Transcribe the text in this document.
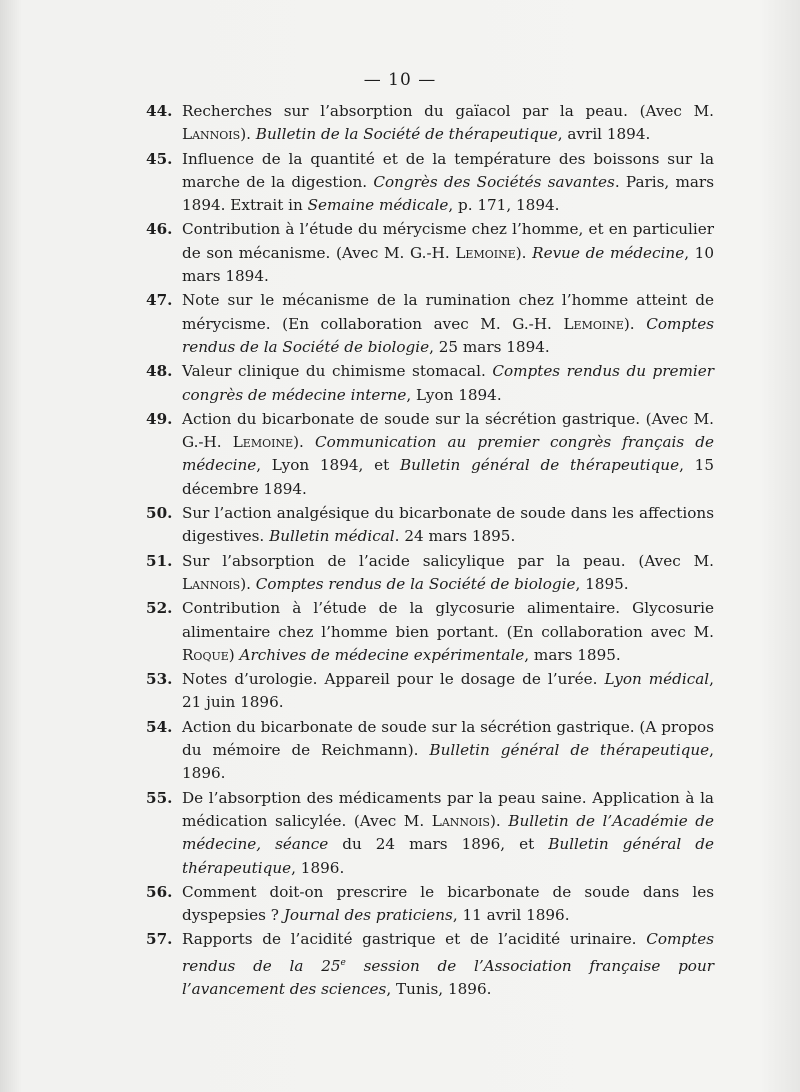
— 10 —
44. Recherches sur l’absorption du gaïacol par la peau. (Avec M. Lannois). Bulletin de la Société de thérapeutique, avril 1894.
45. Influence de la quantité et de la température des boissons sur la marche de la digestion. Congrès des Sociétés savantes. Paris, mars 1894. Extrait in Semaine médicale, p. 171, 1894.
46. Contribution à l’étude du mérycisme chez l’homme, et en particulier de son mécanisme. (Avec M. G.-H. Lemoine). Revue de médecine, 10 mars 1894.
47. Note sur le mécanisme de la rumination chez l’homme atteint de mérycisme. (En collaboration avec M. G.-H. Lemoine). Comptes rendus de la Société de biologie, 25 mars 1894.
48. Valeur clinique du chimisme stomacal. Comptes rendus du premier congrès de médecine interne, Lyon 1894.
49. Action du bicarbonate de soude sur la sécrétion gastrique. (Avec M. G.-H. Lemoine). Communication au premier congrès français de médecine, Lyon 1894, et Bulletin général de thérapeutique, 15 décembre 1894.
50. Sur l’action analgésique du bicarbonate de soude dans les affections digestives. Bulletin médical. 24 mars 1895.
51. Sur l’absorption de l’acide salicylique par la peau. (Avec M. Lannois). Comptes rendus de la Société de biologie, 1895.
52. Contribution à l’étude de la glycosurie alimentaire. Glycosurie alimentaire chez l’homme bien portant. (En collaboration avec M. Roque) Archives de médecine expérimentale, mars 1895.
53. Notes d’urologie. Appareil pour le dosage de l’urée. Lyon médical, 21 juin 1896.
54. Action du bicarbonate de soude sur la sécrétion gastrique. (A propos du mémoire de Reichmann). Bulletin général de thérapeutique, 1896.
55. De l’absorption des médicaments par la peau saine. Application à la médication salicylée. (Avec M. Lannois). Bulletin de l’Académie de médecine, séance du 24 mars 1896, et Bulletin général de thérapeutique, 1896.
56. Comment doit-on prescrire le bicarbonate de soude dans les dyspepsies ? Journal des praticiens, 11 avril 1896.
57. Rapports de l’acidité gastrique et de l’acidité urinaire. Comptes rendus de la 25e session de l’Association française pour l’avancement des sciences, Tunis, 1896.
